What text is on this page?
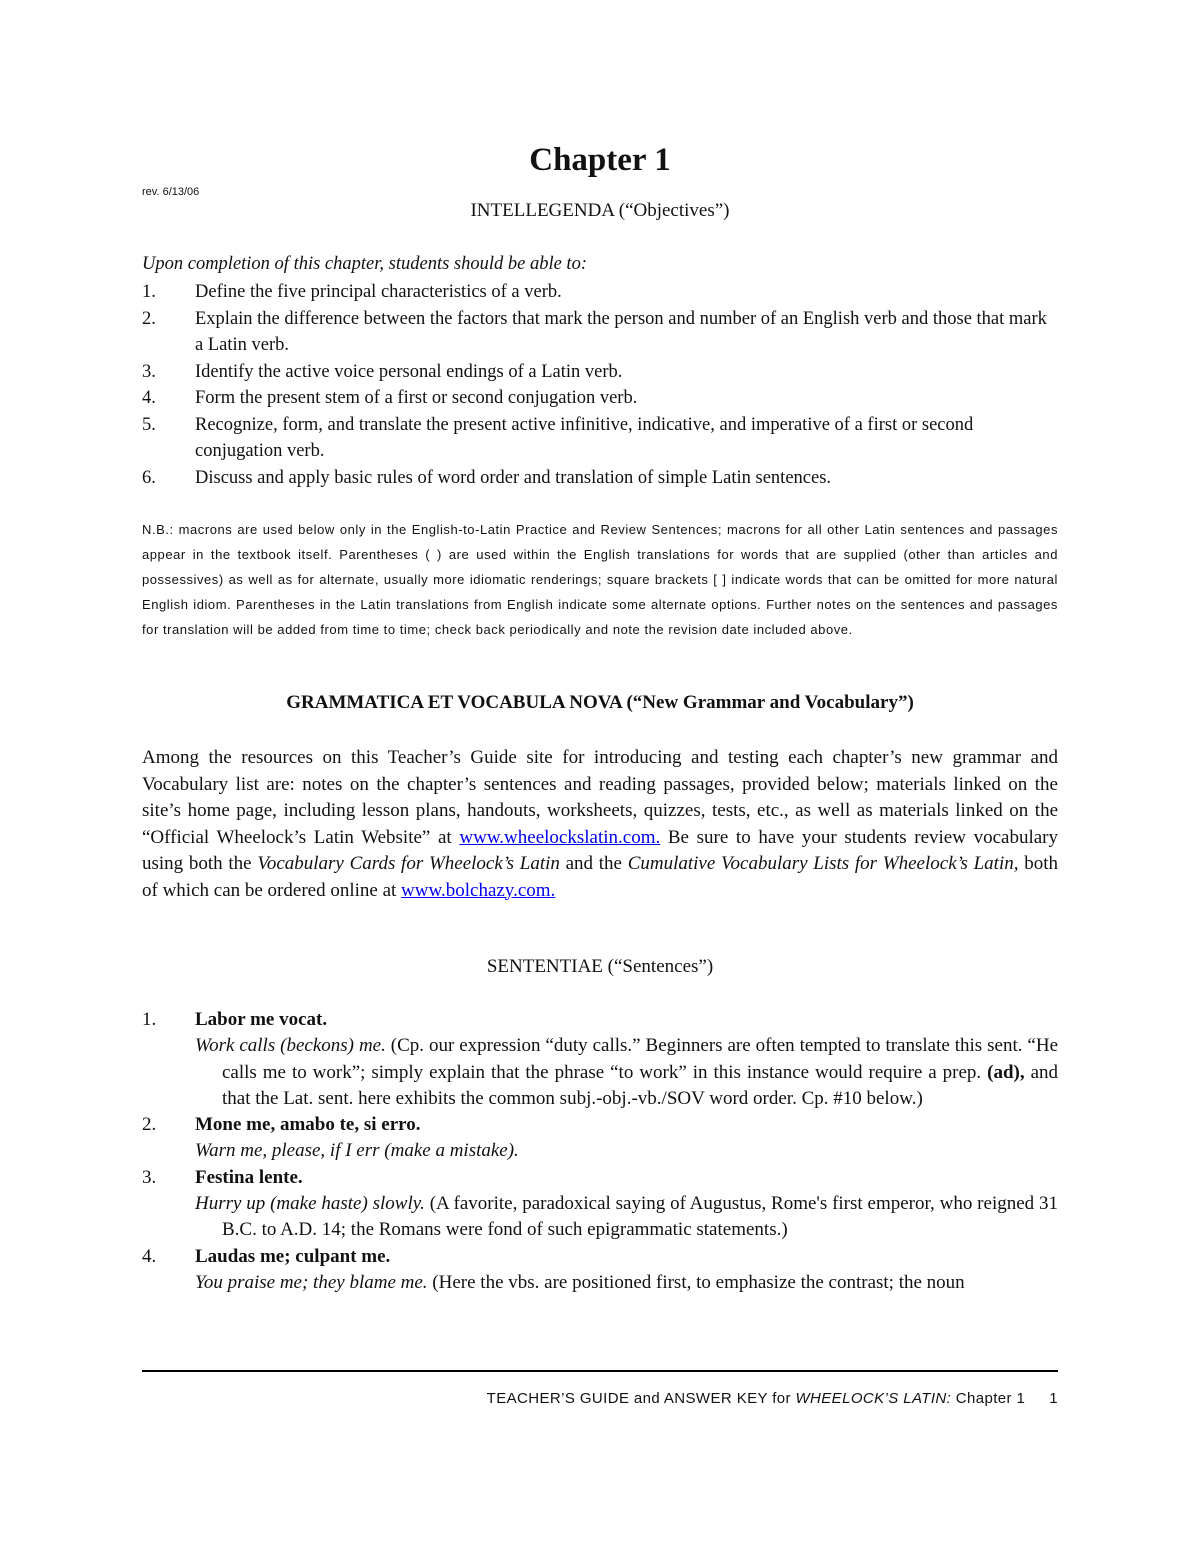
Chapter 1
rev. 6/13/06
INTELLEGENDA (“Objectives”)
Upon completion of this chapter, students should be able to:
1.	Define the five principal characteristics of a verb.
2.	Explain the difference between the factors that mark the person and number of an English verb and those that mark a Latin verb.
3.	Identify the active voice personal endings of a Latin verb.
4.	Form the present stem of a first or second conjugation verb.
5.	Recognize, form, and translate the present active infinitive, indicative, and imperative of a first or second conjugation verb.
6.	Discuss and apply basic rules of word order and translation of simple Latin sentences.
N.B.: macrons are used below only in the English-to-Latin Practice and Review Sentences; macrons for all other Latin sentences and passages appear in the textbook itself. Parentheses ( ) are used within the English translations for words that are supplied (other than articles and possessives) as well as for alternate, usually more idiomatic renderings; square brackets [ ] indicate words that can be omitted for more natural English idiom. Parentheses in the Latin translations from English indicate some alternate options. Further notes on the sentences and passages for translation will be added from time to time; check back periodically and note the revision date included above.
GRAMMATICA ET VOCABULA NOVA (“New Grammar and Vocabulary”)
Among the resources on this Teacher’s Guide site for introducing and testing each chapter’s new grammar and Vocabulary list are: notes on the chapter’s sentences and reading passages, provided below; materials linked on the site’s home page, including lesson plans, handouts, worksheets, quizzes, tests, etc., as well as materials linked on the “Official Wheelock’s Latin Website” at www.wheelockslatin.com. Be sure to have your students review vocabulary using both the Vocabulary Cards for Wheelock’s Latin and the Cumulative Vocabulary Lists for Wheelock’s Latin, both of which can be ordered online at www.bolchazy.com.
SENTENTIAE (“Sentences”)
1.	Labor me vocat.
Work calls (beckons) me. (Cp. our expression “duty calls.” Beginners are often tempted to translate this sent. “He calls me to work”; simply explain that the phrase “to work” in this instance would require a prep. (ad), and that the Lat. sent. here exhibits the common subj.-obj.-vb./SOV word order. Cp. #10 below.)
2.	Mone me, amabo te, si erro.
Warn me, please, if I err (make a mistake).
3.	Festina lente.
Hurry up (make haste) slowly. (A favorite, paradoxical saying of Augustus, Rome's first emperor, who reigned 31 B.C. to A.D. 14; the Romans were fond of such epigrammatic statements.)
4.	Laudas me; culpant me.
You praise me; they blame me. (Here the vbs. are positioned first, to emphasize the contrast; the noun
TEACHER’S GUIDE and ANSWER KEY for WHEELOCK’S LATIN: Chapter 1 1
